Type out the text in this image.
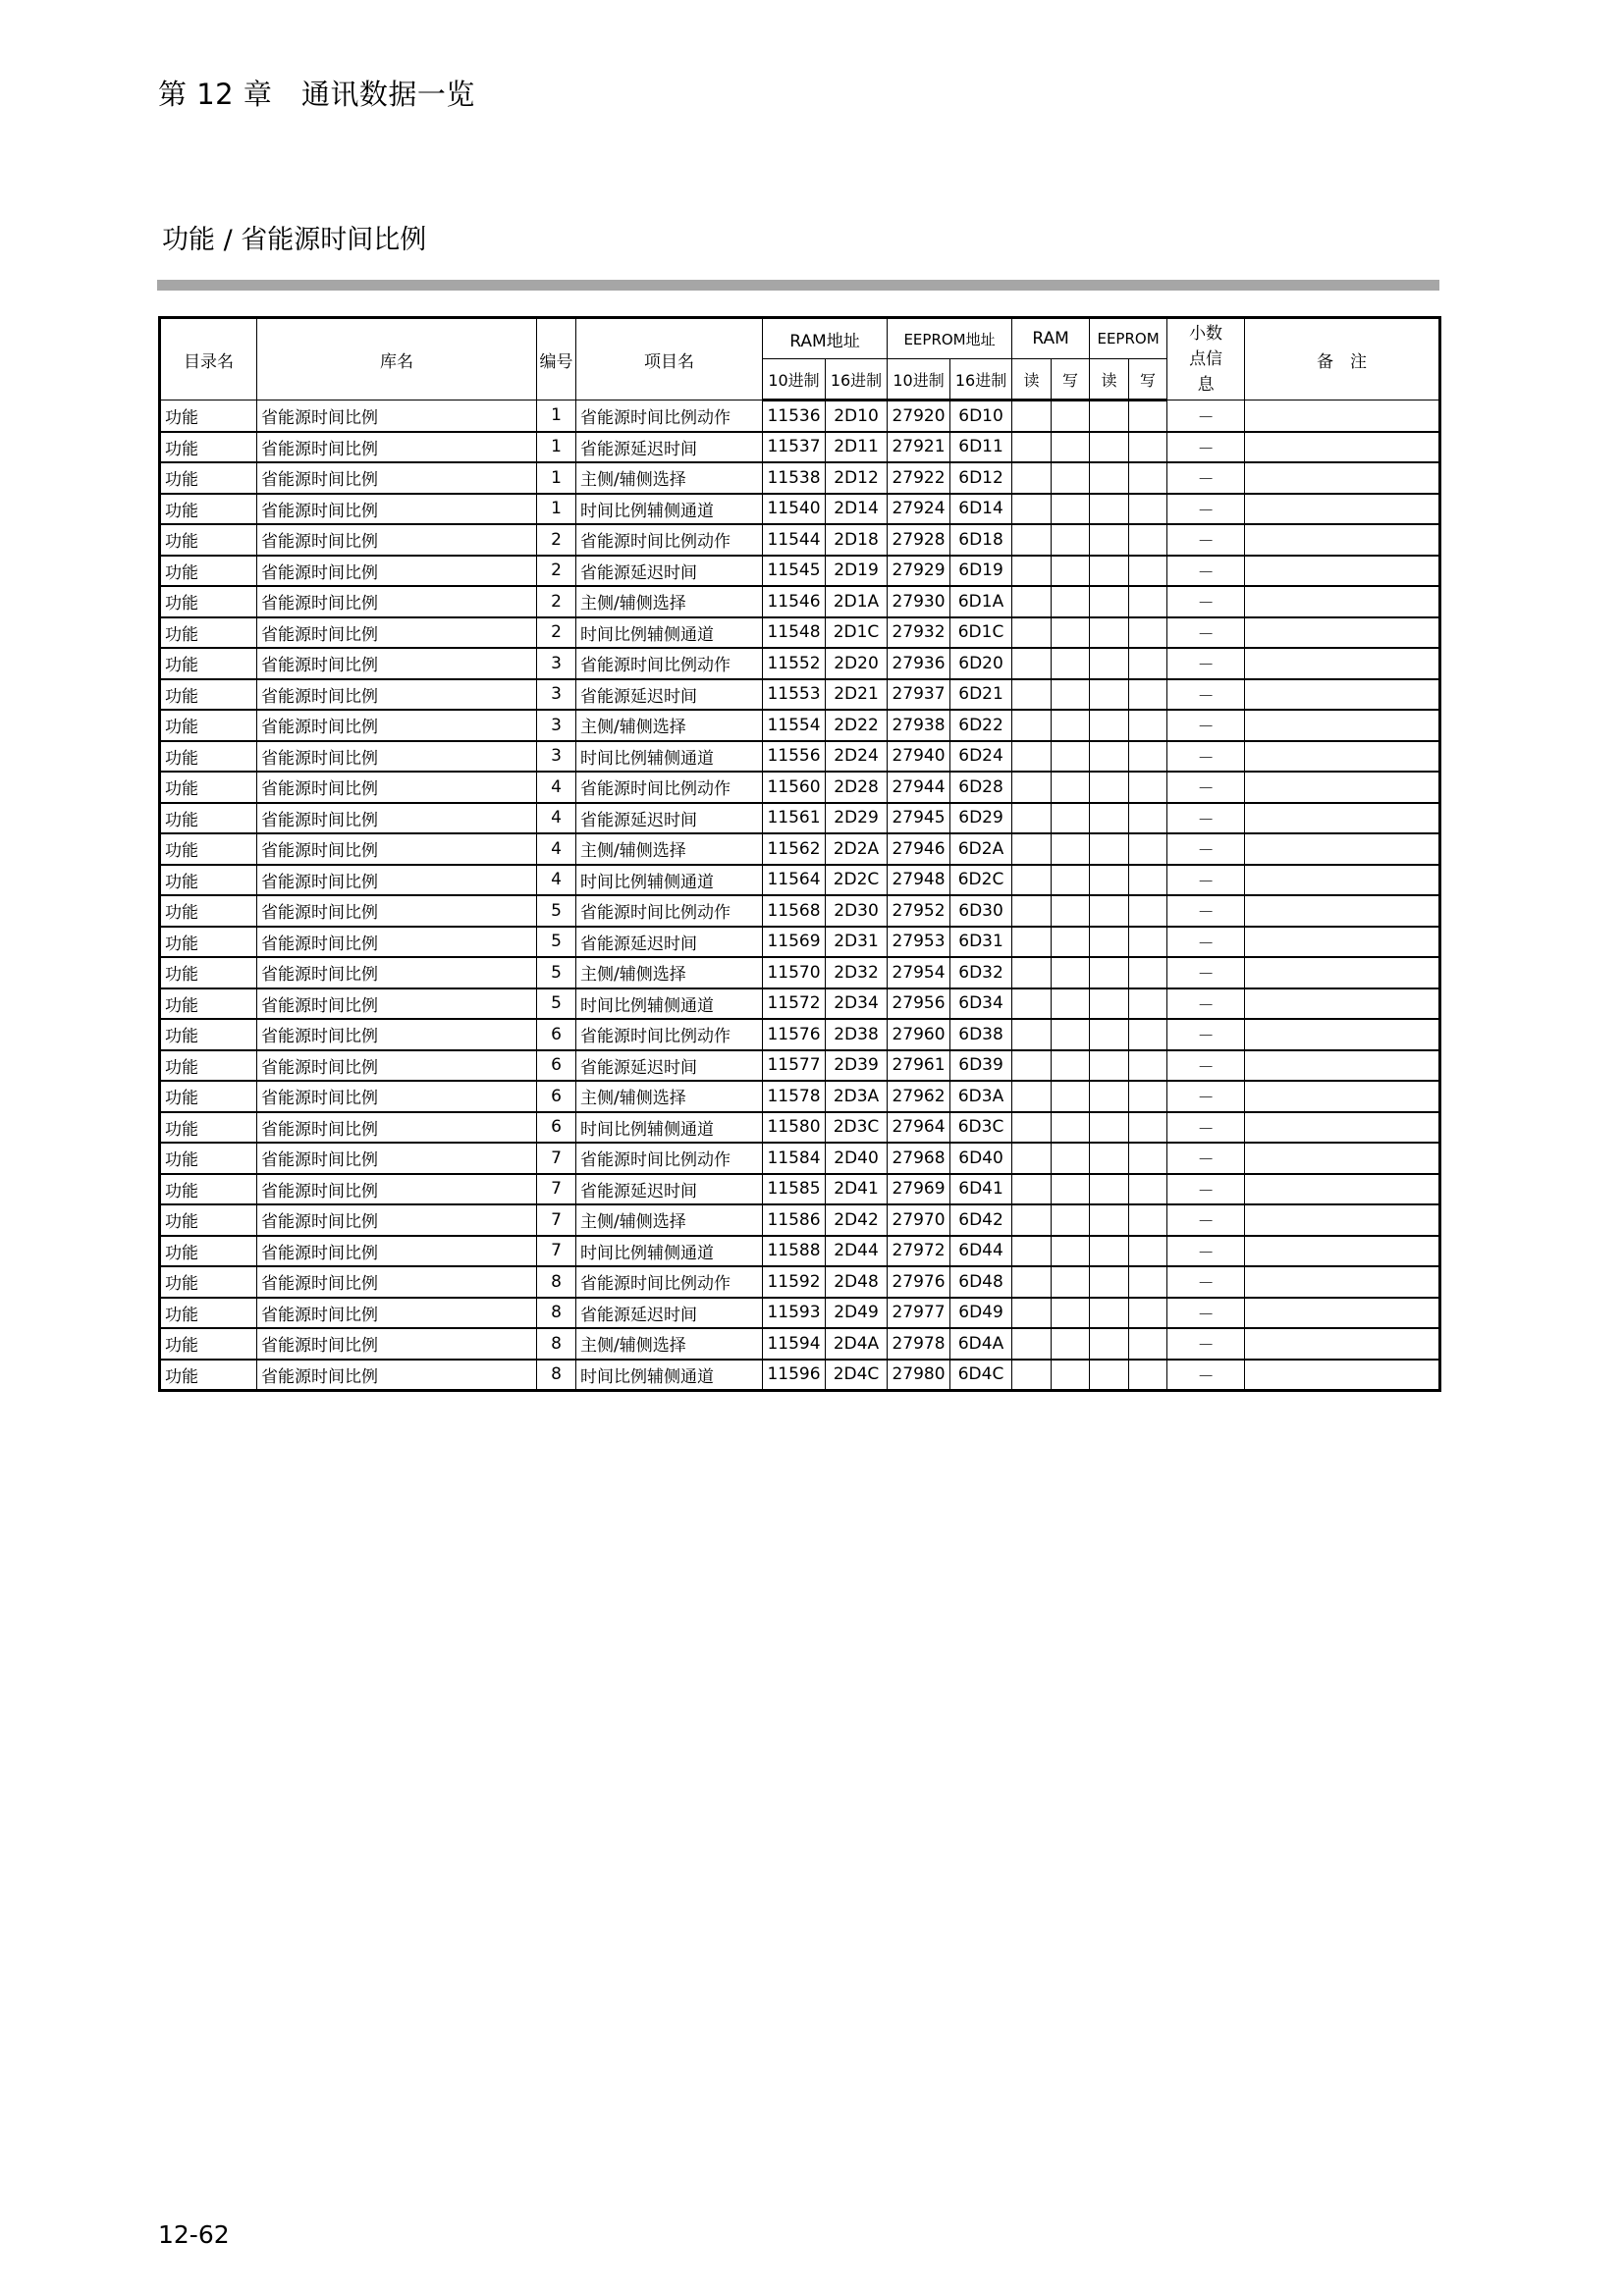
第 12 章　通讯数据一览
功能 / 省能源时间比例
目录名	库名	编号	项目名	RAM地址		EEPROM地址		RAM		EEPROM		小数点信息	备　注
				10进制	16进制	10进制	16进制	读	写	读	写		
功能	省能源时间比例	1	省能源时间比例动作	11536	2D10	27920	6D10					－	
功能	省能源时间比例	1	省能源延迟时间	11537	2D11	27921	6D11					－	
功能	省能源时间比例	1	主侧/辅侧选择	11538	2D12	27922	6D12					－	
功能	省能源时间比例	1	时间比例辅侧通道	11540	2D14	27924	6D14					－	
功能	省能源时间比例	2	省能源时间比例动作	11544	2D18	27928	6D18					－	
功能	省能源时间比例	2	省能源延迟时间	11545	2D19	27929	6D19					－	
功能	省能源时间比例	2	主侧/辅侧选择	11546	2D1A	27930	6D1A					－	
功能	省能源时间比例	2	时间比例辅侧通道	11548	2D1C	27932	6D1C					－	
功能	省能源时间比例	3	省能源时间比例动作	11552	2D20	27936	6D20					－	
功能	省能源时间比例	3	省能源延迟时间	11553	2D21	27937	6D21					－	
功能	省能源时间比例	3	主侧/辅侧选择	11554	2D22	27938	6D22					－	
功能	省能源时间比例	3	时间比例辅侧通道	11556	2D24	27940	6D24					－	
功能	省能源时间比例	4	省能源时间比例动作	11560	2D28	27944	6D28					－	
功能	省能源时间比例	4	省能源延迟时间	11561	2D29	27945	6D29					－	
功能	省能源时间比例	4	主侧/辅侧选择	11562	2D2A	27946	6D2A					－	
功能	省能源时间比例	4	时间比例辅侧通道	11564	2D2C	27948	6D2C					－	
功能	省能源时间比例	5	省能源时间比例动作	11568	2D30	27952	6D30					－	
功能	省能源时间比例	5	省能源延迟时间	11569	2D31	27953	6D31					－	
功能	省能源时间比例	5	主侧/辅侧选择	11570	2D32	27954	6D32					－	
功能	省能源时间比例	5	时间比例辅侧通道	11572	2D34	27956	6D34					－	
功能	省能源时间比例	6	省能源时间比例动作	11576	2D38	27960	6D38					－	
功能	省能源时间比例	6	省能源延迟时间	11577	2D39	27961	6D39					－	
功能	省能源时间比例	6	主侧/辅侧选择	11578	2D3A	27962	6D3A					－	
功能	省能源时间比例	6	时间比例辅侧通道	11580	2D3C	27964	6D3C					－	
功能	省能源时间比例	7	省能源时间比例动作	11584	2D40	27968	6D40					－	
功能	省能源时间比例	7	省能源延迟时间	11585	2D41	27969	6D41					－	
功能	省能源时间比例	7	主侧/辅侧选择	11586	2D42	27970	6D42					－	
功能	省能源时间比例	7	时间比例辅侧通道	11588	2D44	27972	6D44					－	
功能	省能源时间比例	8	省能源时间比例动作	11592	2D48	27976	6D48					－	
功能	省能源时间比例	8	省能源延迟时间	11593	2D49	27977	6D49					－	
功能	省能源时间比例	8	主侧/辅侧选择	11594	2D4A	27978	6D4A					－	
功能	省能源时间比例	8	时间比例辅侧通道	11596	2D4C	27980	6D4C					－	
12-62
